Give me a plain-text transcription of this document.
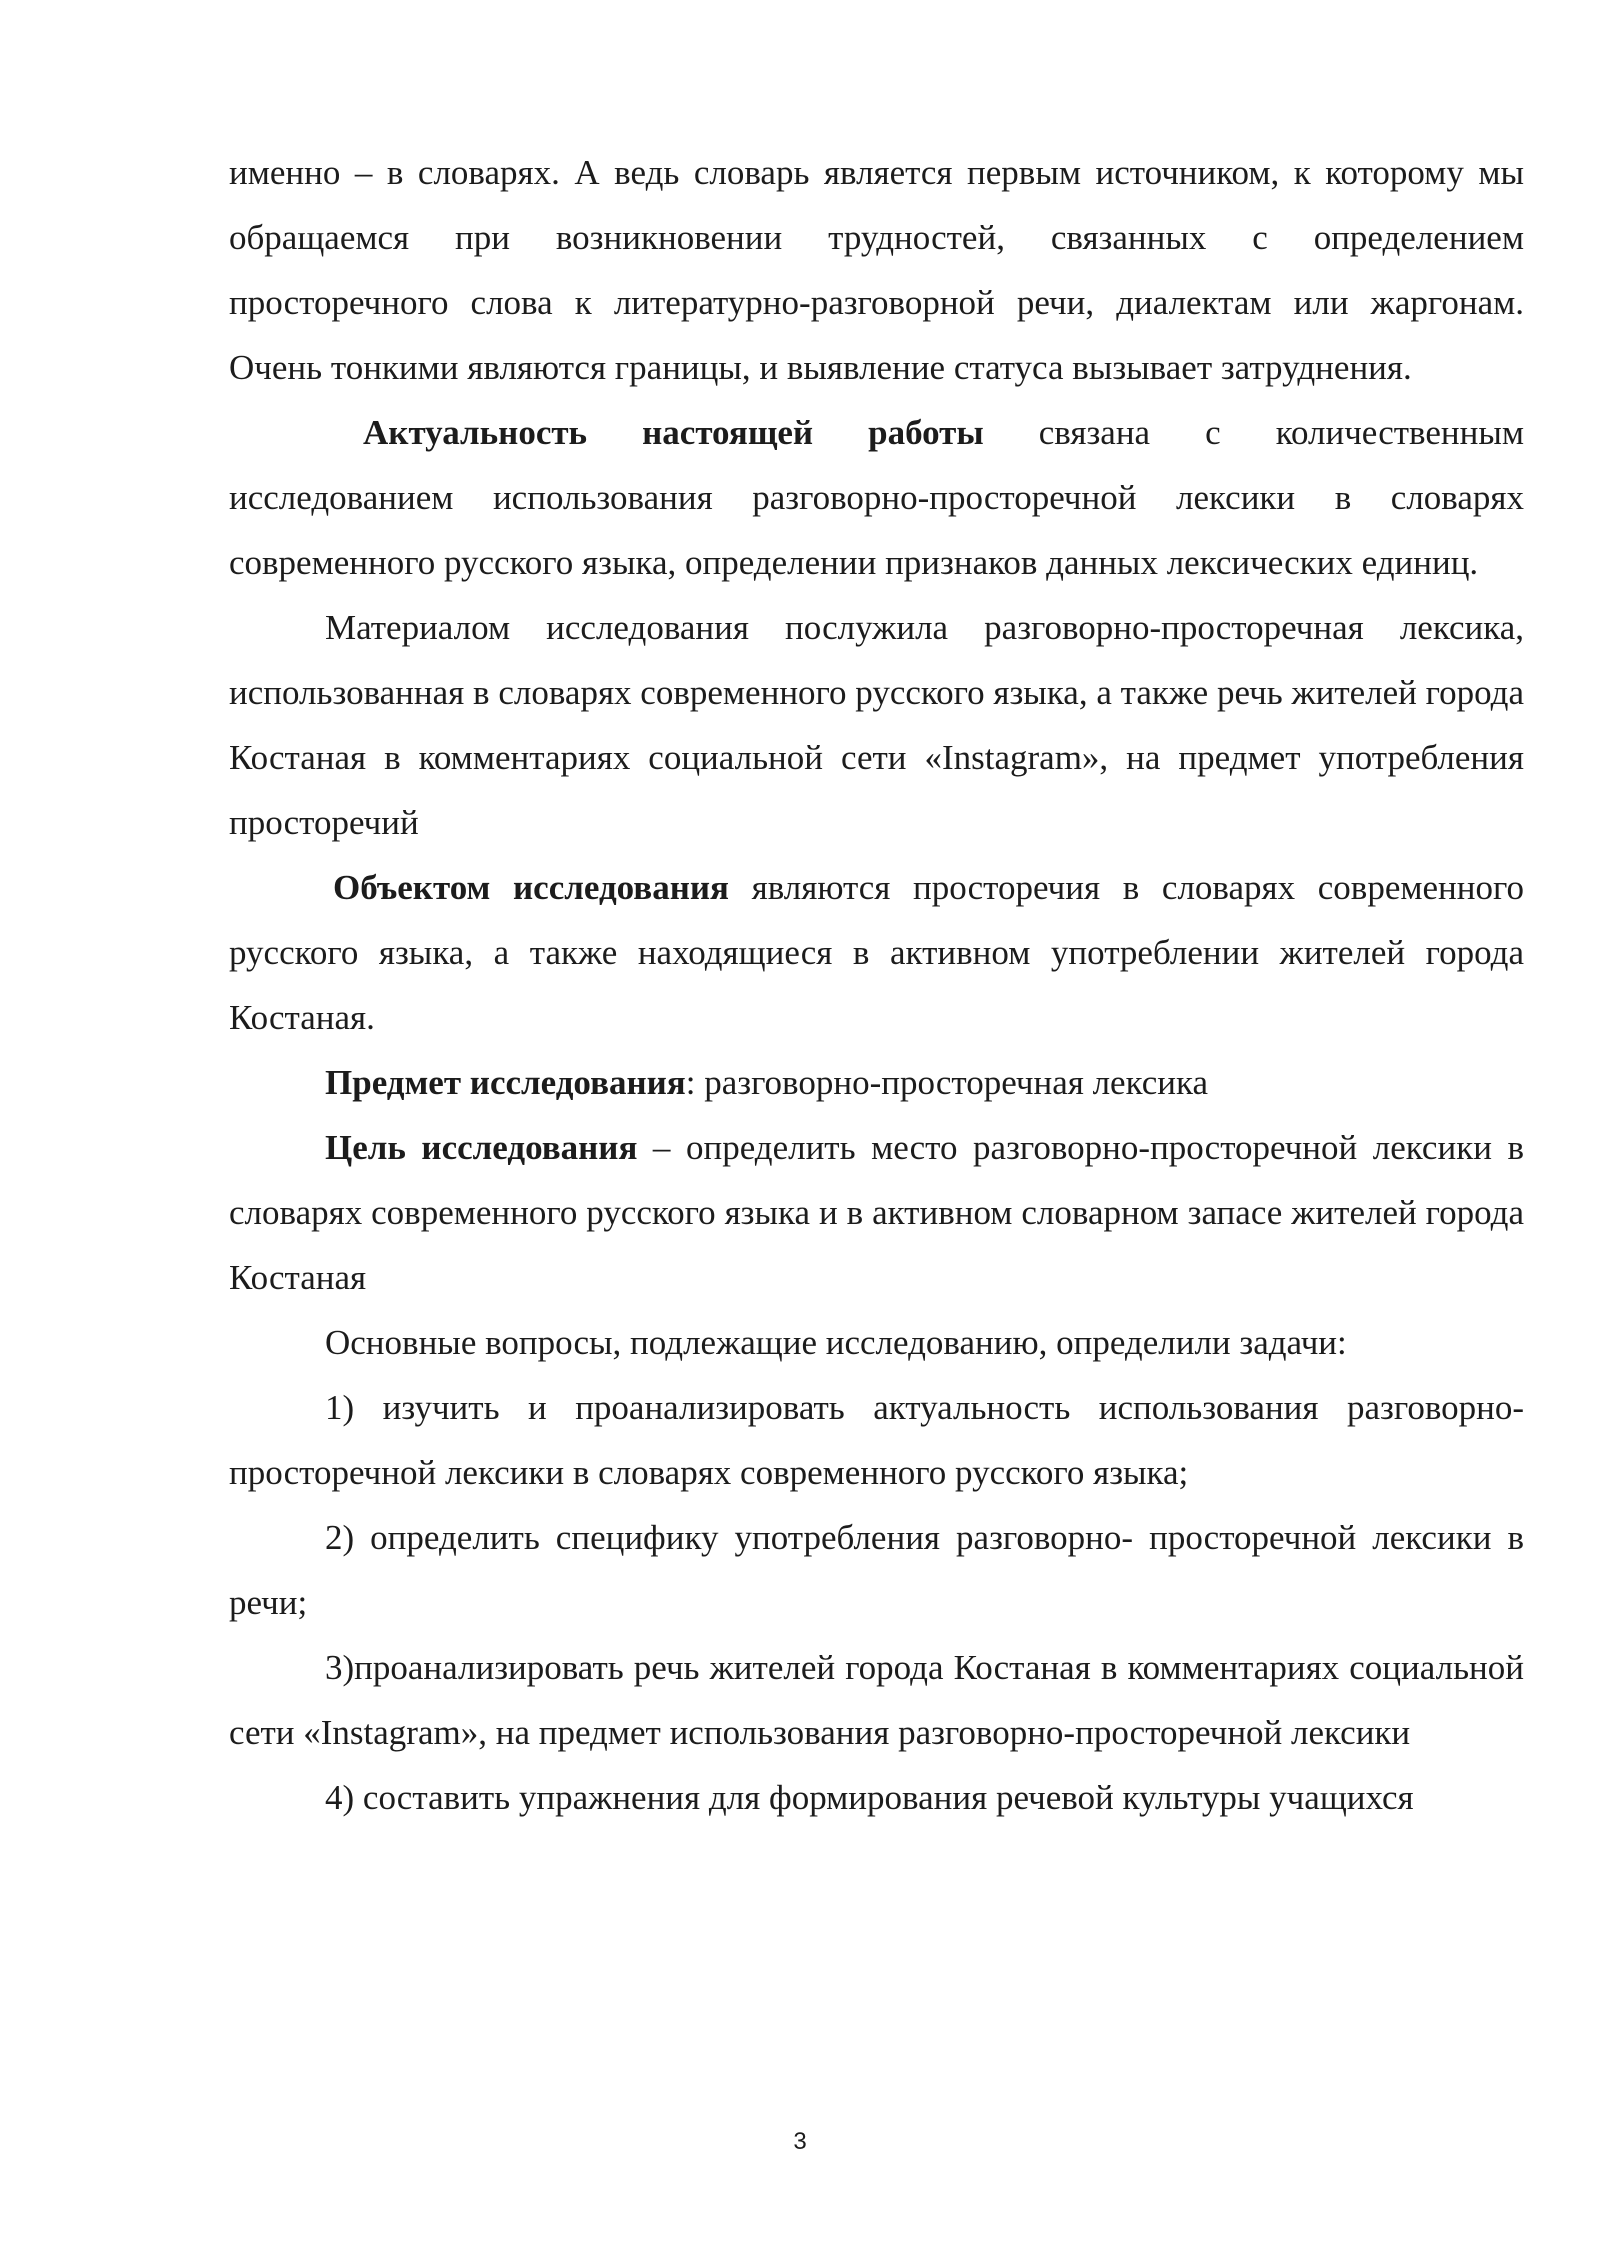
именно – в словарях. А ведь словарь является первым источником, к которому мы обращаемся при возникновении трудностей, связанных с определением просторечного слова к литературно-разговорной речи, диалектам или жаргонам. Очень тонкими являются границы, и выявление статуса вызывает затруднения.

Актуальность настоящей работы связана с количественным исследованием использования разговорно-просторечной лексики в словарях современного русского языка, определении признаков данных лексических единиц.

Материалом исследования послужила разговорно-просторечная лексика, использованная в словарях современного русского языка, а также речь жителей города Костаная в комментариях социальной сети «Instagram», на предмет употребления просторечий

Объектом исследования являются просторечия в словарях современного русского языка, а также находящиеся в активном употреблении жителей города Костаная.

Предмет исследования: разговорно-просторечная лексика

Цель исследования – определить место разговорно-просторечной лексики в словарях современного русского языка и в активном словарном запасе жителей города Костаная

Основные вопросы, подлежащие исследованию, определили задачи:

1) изучить и проанализировать актуальность использования разговорно-просторечной лексики в словарях современного русского языка;

2) определить специфику употребления разговорно- просторечной лексики в речи;

3)проанализировать речь жителей города Костаная в комментариях социальной сети «Instagram», на предмет использования разговорно-просторечной лексики

4) составить упражнения для формирования речевой культуры учащихся

3
